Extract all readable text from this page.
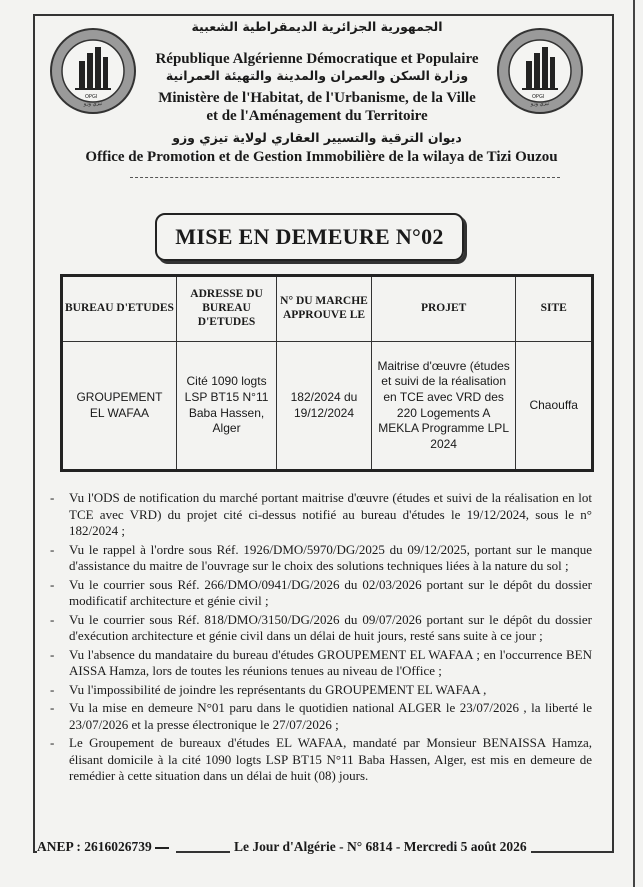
OPGI
تيزي وزو
OPGI
تيزي وزو
الجمهورية الجزائرية الديمقراطية الشعبية
République Algérienne Démocratique et Populaire
وزارة السكن والعمران والمدينة والتهيئة العمرانية
Ministère de l'Habitat, de l'Urbanisme, de la Ville
et de l'Aménagement du Territoire
ديوان الترقية والتسيير العقاري لولاية تيزي وزو
Office de Promotion et de Gestion Immobilière de la wilaya de Tizi Ouzou
MISE EN DEMEURE N°02
BUREAU D'ETUDES	ADRESSE DU BUREAU D'ETUDES	N° DU MARCHE APPROUVE LE	PROJET	SITE
GROUPEMENT EL WAFAA	Cité 1090 logts LSP BT15 N°11 Baba Hassen, Alger	182/2024 du 19/12/2024	Maitrise d'œuvre (études et suivi de la réalisation en TCE avec VRD des 220 Logements A MEKLA Programme LPL 2024	Chaouffa
- Vu l'ODS de notification du marché portant maitrise d'œuvre (études et suivi de la réalisation en lot TCE avec VRD) du projet cité ci-dessus notifié au bureau d'études le 19/12/2024, sous le n° 182/2024 ;
- Vu le rappel à l'ordre sous Réf. 1926/DMO/5970/DG/2025 du 09/12/2025, portant sur le manque d'assistance du maitre de l'ouvrage sur le choix des solutions techniques liées à la nature du sol ;
- Vu le courrier sous Réf. 266/DMO/0941/DG/2026 du 02/03/2026 portant sur le dépôt du dossier modificatif architecture et génie civil ;
- Vu le courrier sous Réf. 818/DMO/3150/DG/2026 du 09/07/2026 portant sur le dépôt du dossier d'exécution architecture et génie civil dans un délai de huit jours, resté sans suite à ce jour ;
- Vu l'absence du mandataire du bureau d'études GROUPEMENT EL WAFAA ; en l'occurrence BEN AISSA Hamza, lors de toutes les réunions tenues au niveau de l'Office ;
- Vu l'impossibilité de joindre les représentants du GROUPEMENT EL WAFAA ,
- Vu la mise en demeure N°01 paru dans le quotidien national ALGER le 23/07/2026 , la liberté le 23/07/2026 et la presse électronique le 27/07/2026 ;
- Le Groupement de bureaux d'études EL WAFAA, mandaté par Monsieur BENAISSA Hamza, élisant domicile à la cité 1090 logts LSP BT15 N°11 Baba Hassen, Alger, est mis en demeure de remédier à cette situation dans un délai de huit (08) jours.
ANEP : 2616026739	Le Jour d'Algérie - N° 6814 - Mercredi 5 août 2026
